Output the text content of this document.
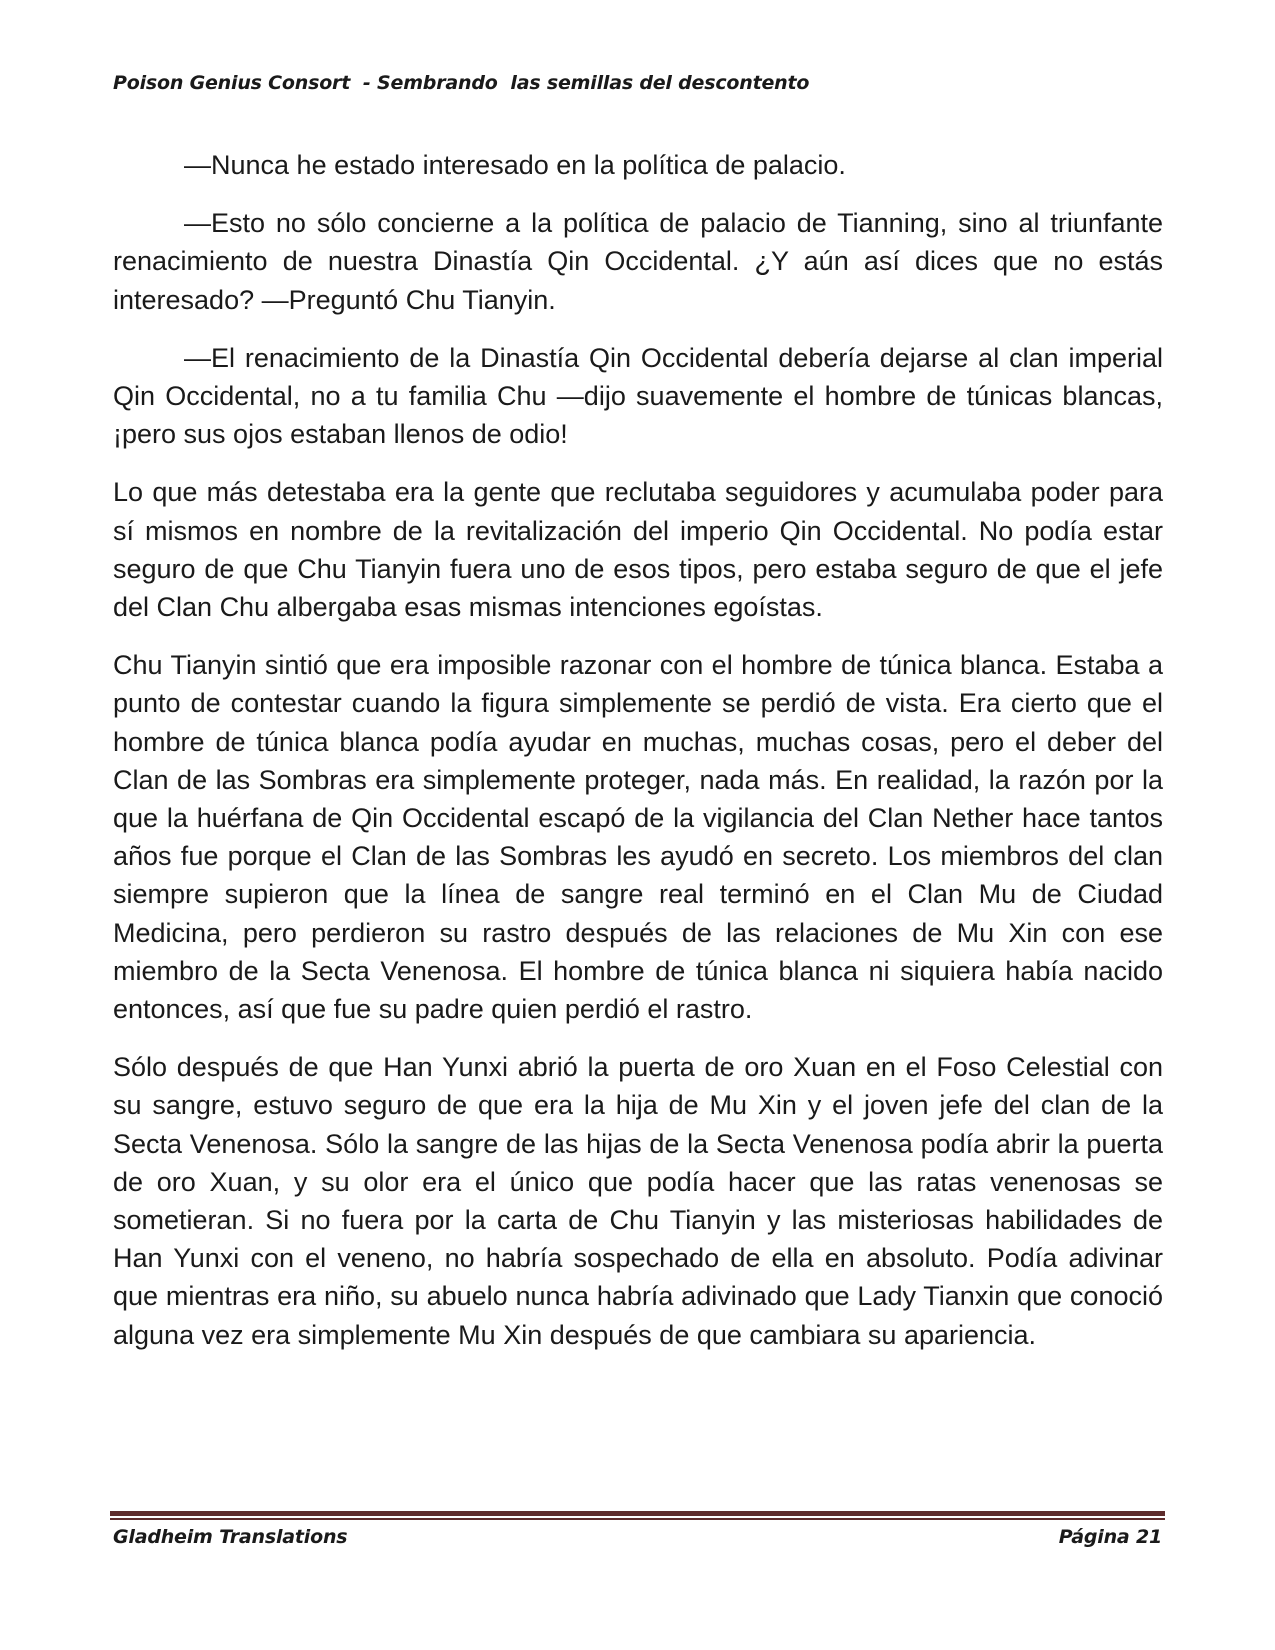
Poison Genius Consort  - Sembrando  las semillas del descontento

—Nunca he estado interesado en la política de palacio.

—Esto no sólo concierne a la política de palacio de Tianning, sino al triunfante renacimiento de nuestra Dinastía Qin Occidental. ¿Y aún así dices que no estás interesado? —Preguntó Chu Tianyin.

—El renacimiento de la Dinastía Qin Occidental debería dejarse al clan imperial Qin Occidental, no a tu familia Chu —dijo suavemente el hombre de túnicas blancas, ¡pero sus ojos estaban llenos de odio!

Lo que más detestaba era la gente que reclutaba seguidores y acumulaba poder para sí mismos en nombre de la revitalización del imperio Qin Occidental. No podía estar seguro de que Chu Tianyin fuera uno de esos tipos, pero estaba seguro de que el jefe del Clan Chu albergaba esas mismas intenciones egoístas.

Chu Tianyin sintió que era imposible razonar con el hombre de túnica blanca. Estaba a punto de contestar cuando la figura simplemente se perdió de vista. Era cierto que el hombre de túnica blanca podía ayudar en muchas, muchas cosas, pero el deber del Clan de las Sombras era simplemente proteger, nada más. En realidad, la razón por la que la huérfana de Qin Occidental escapó de la vigilancia del Clan Nether hace tantos años fue porque el Clan de las Sombras les ayudó en secreto. Los miembros del clan siempre supieron que la línea de sangre real terminó en el Clan Mu de Ciudad Medicina, pero perdieron su rastro después de las relaciones de Mu Xin con ese miembro de la Secta Venenosa. El hombre de túnica blanca ni siquiera había nacido entonces, así que fue su padre quien perdió el rastro.

Sólo después de que Han Yunxi abrió la puerta de oro Xuan en el Foso Celestial con su sangre, estuvo seguro de que era la hija de Mu Xin y el joven jefe del clan de la Secta Venenosa. Sólo la sangre de las hijas de la Secta Venenosa podía abrir la puerta de oro Xuan, y su olor era el único que podía hacer que las ratas venenosas se sometieran. Si no fuera por la carta de Chu Tianyin y las misteriosas habilidades de Han Yunxi con el veneno, no habría sospechado de ella en absoluto. Podía adivinar que mientras era niño, su abuelo nunca habría adivinado que Lady Tianxin que conoció alguna vez era simplemente Mu Xin después de que cambiara su apariencia.

Gladheim Translations	Página 21
